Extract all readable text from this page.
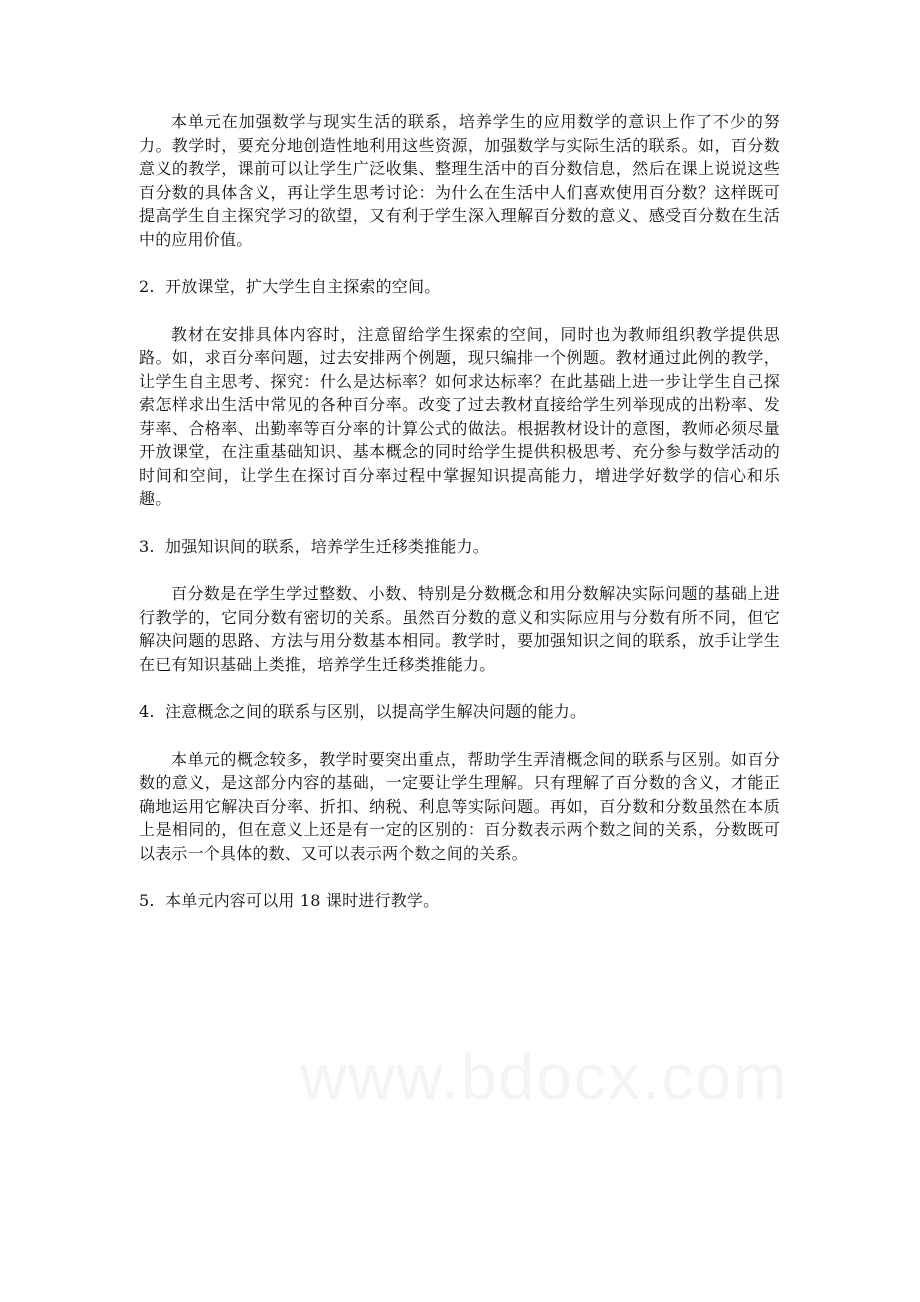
本单元在加强数学与现实生活的联系，培养学生的应用数学的意识上作了不少的努力。教学时，要充分地创造性地利用这些资源，加强数学与实际生活的联系。如，百分数意义的教学，课前可以让学生广泛收集、整理生活中的百分数信息，然后在课上说说这些百分数的具体含义，再让学生思考讨论：为什么在生活中人们喜欢使用百分数？这样既可提高学生自主探究学习的欲望，又有利于学生深入理解百分数的意义、感受百分数在生活中的应用价值。

2. 开放课堂，扩大学生自主探索的空间。

教材在安排具体内容时，注意留给学生探索的空间，同时也为教师组织教学提供思路。如，求百分率问题，过去安排两个例题，现只编排一个例题。教材通过此例的教学，让学生自主思考、探究：什么是达标率？如何求达标率？在此基础上进一步让学生自己探索怎样求出生活中常见的各种百分率。改变了过去教材直接给学生列举现成的出粉率、发芽率、合格率、出勤率等百分率的计算公式的做法。根据教材设计的意图，教师必须尽量开放课堂，在注重基础知识、基本概念的同时给学生提供积极思考、充分参与数学活动的时间和空间，让学生在探讨百分率过程中掌握知识提高能力，增进学好数学的信心和乐趣。

3. 加强知识间的联系，培养学生迁移类推能力。

百分数是在学生学过整数、小数、特别是分数概念和用分数解决实际问题的基础上进行教学的，它同分数有密切的关系。虽然百分数的意义和实际应用与分数有所不同，但它解决问题的思路、方法与用分数基本相同。教学时，要加强知识之间的联系，放手让学生在已有知识基础上类推，培养学生迁移类推能力。

4. 注意概念之间的联系与区别，以提高学生解决问题的能力。

本单元的概念较多，教学时要突出重点，帮助学生弄清概念间的联系与区别。如百分数的意义，是这部分内容的基础，一定要让学生理解。只有理解了百分数的含义，才能正确地运用它解决百分率、折扣、纳税、利息等实际问题。再如，百分数和分数虽然在本质上是相同的，但在意义上还是有一定的区别的：百分数表示两个数之间的关系，分数既可以表示一个具体的数、又可以表示两个数之间的关系。

5. 本单元内容可以用 18 课时进行教学。

www.bdocx.com
